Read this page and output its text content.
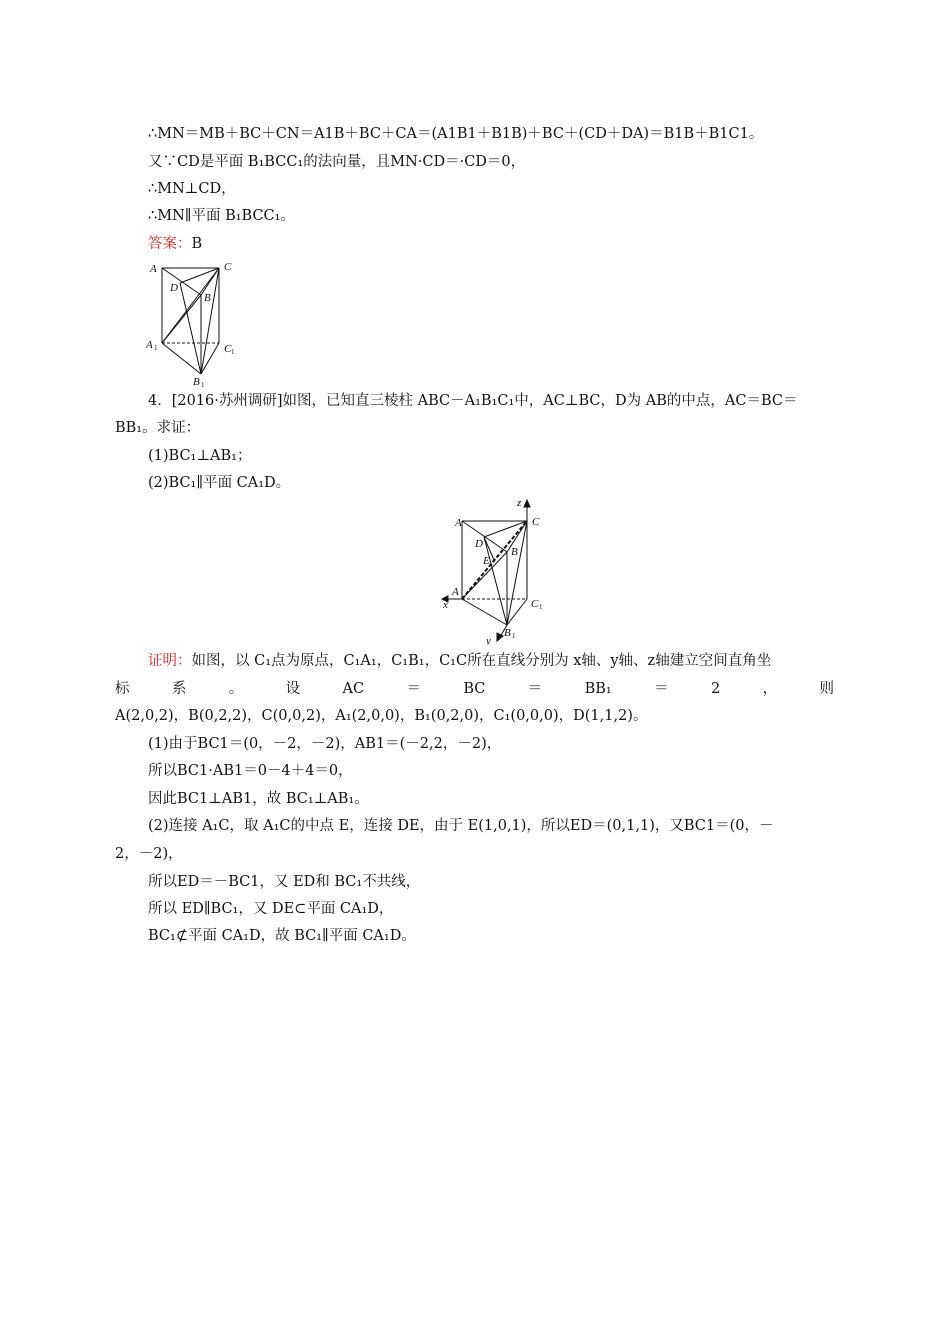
∴MN＝MB＋BC＋CN＝A1B＋BC＋CA＝(A1B1＋B1B)＋BC＋(CD＋DA)＝B1B＋B1C1。
又∵CD是平面 B₁BCC₁的法向量，且MN·CD＝·CD＝0，
∴MN⊥CD，
∴MN∥平面 B₁BCC₁。
答案：B
A	C
D
B
A 1	C 1
B 1
4．[2016·苏州调研]如图，已知直三棱柱 ABC－A₁B₁C₁中，AC⊥BC，D为 AB的中点，AC＝BC＝
BB₁。求证：
(1)BC₁⊥AB₁；
(2)BC₁∥平面 CA₁D。
z
A	C
D
B
E
A 1
x	C 1
y
B 1
证明：如图，以 C₁点为原点，C₁A₁，C₁B₁，C₁C所在直线分别为 x轴、y轴、z轴建立空间直角坐
标	系	。	设	AC	＝	BC	＝	BB₁	＝	2	，	则
A(2,0,2)，B(0,2,2)，C(0,0,2)，A₁(2,0,0)，B₁(0,2,0)，C₁(0,0,0)，D(1,1,2)。
(1)由于BC1＝(0，－2，－2)，AB1＝(－2,2，－2)，
所以BC1·AB1＝0－4＋4＝0，
因此BC1⊥AB1，故 BC₁⊥AB₁。
(2)连接 A₁C，取 A₁C的中点 E，连接 DE，由于 E(1,0,1)，所以ED＝(0,1,1)，又BC1＝(0，－
2，－2)，
所以ED＝－BC1，又 ED和 BC₁不共线，
所以 ED∥BC₁，又 DE⊂平面 CA₁D，
BC₁⊄平面 CA₁D，故 BC₁∥平面 CA₁D。
